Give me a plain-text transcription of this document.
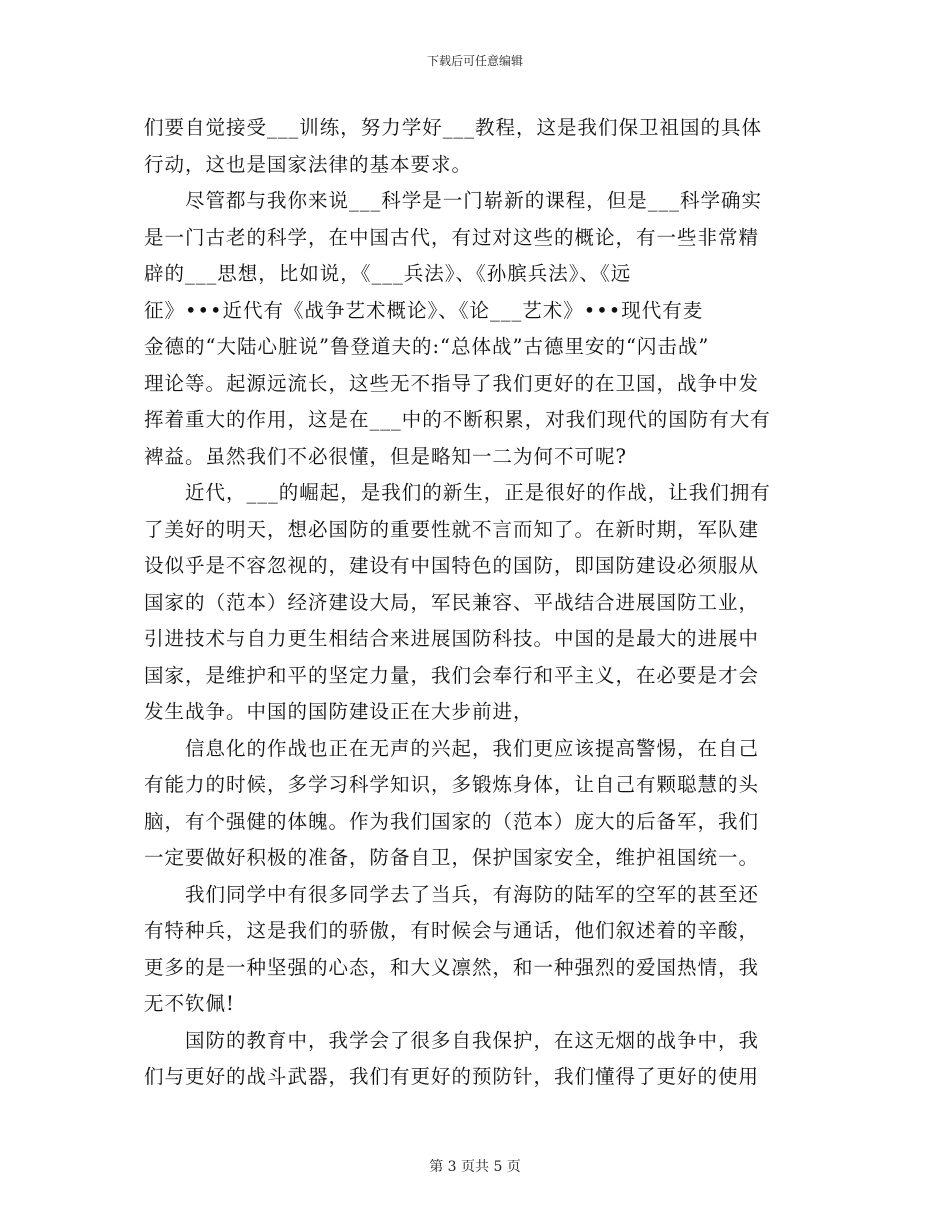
下载后可任意编辑
们要自觉接受___训练，努力学好___教程，这是我们保卫祖国的具体
行动，这也是国家法律的基本要求。
　　尽管都与我你来说___科学是一门崭新的课程，但是___科学确实
是一门古老的科学，在中国古代，有过对这些的概论，有一些非常精
辟的___思想，比如说，《___兵法》、《孙膑兵法》、《远
征》•••近代有《战争艺术概论》、《论___艺术》•••现代有麦
金德的“大陆心脏说”鲁登道夫的:“总体战”古德里安的“闪击战”
理论等。起源远流长，这些无不指导了我们更好的在卫国，战争中发
挥着重大的作用，这是在___中的不断积累，对我们现代的国防有大有
裨益。虽然我们不必很懂，但是略知一二为何不可呢?
　　近代，___的崛起，是我们的新生，正是很好的作战，让我们拥有
了美好的明天，想必国防的重要性就不言而知了。在新时期，军队建
设似乎是不容忽视的，建设有中国特色的国防，即国防建设必须服从
国家的（范本）经济建设大局，军民兼容、平战结合进展国防工业，
引进技术与自力更生相结合来进展国防科技。中国的是最大的进展中
国家，是维护和平的坚定力量，我们会奉行和平主义，在必要是才会
发生战争。中国的国防建设正在大步前进，
　　信息化的作战也正在无声的兴起，我们更应该提高警惕，在自己
有能力的时候，多学习科学知识，多锻炼身体，让自己有颗聪慧的头
脑，有个强健的体魄。作为我们国家的（范本）庞大的后备军，我们
一定要做好积极的准备，防备自卫，保护国家安全，维护祖国统一。
　　我们同学中有很多同学去了当兵，有海防的陆军的空军的甚至还
有特种兵，这是我们的骄傲，有时候会与通话，他们叙述着的辛酸，
更多的是一种坚强的心态，和大义凛然，和一种强烈的爱国热情，我
无不钦佩!
　　国防的教育中，我学会了很多自我保护，在这无烟的战争中，我
们与更好的战斗武器，我们有更好的预防针，我们懂得了更好的使用
第 3 页共 5 页
